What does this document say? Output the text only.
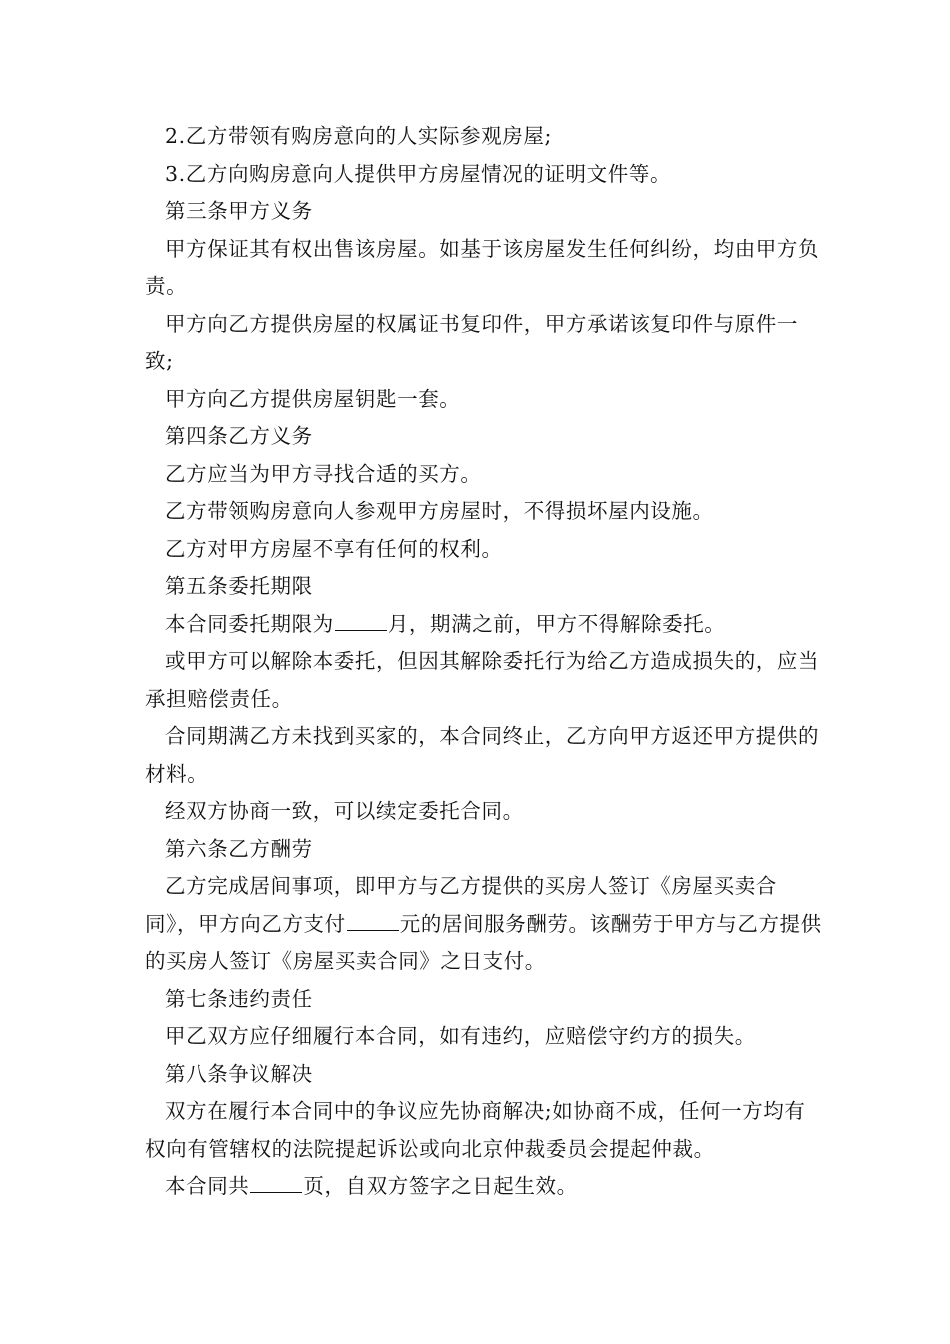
2.乙方带领有购房意向的人实际参观房屋;

3.乙方向购房意向人提供甲方房屋情况的证明文件等。

第三条甲方义务

甲方保证其有权出售该房屋。如基于该房屋发生任何纠纷，均由甲方负责。

甲方向乙方提供房屋的权属证书复印件，甲方承诺该复印件与原件一致;

甲方向乙方提供房屋钥匙一套。

第四条乙方义务

乙方应当为甲方寻找合适的买方。

乙方带领购房意向人参观甲方房屋时，不得损坏屋内设施。

乙方对甲方房屋不享有任何的权利。

第五条委托期限

本合同委托期限为	月，期满之前，甲方不得解除委托。

或甲方可以解除本委托，但因其解除委托行为给乙方造成损失的，应当承担赔偿责任。

合同期满乙方未找到买家的，本合同终止，乙方向甲方返还甲方提供的材料。

经双方协商一致，可以续定委托合同。

第六条乙方酬劳

乙方完成居间事项，即甲方与乙方提供的买房人签订《房屋买卖合同》，甲方向乙方支付	元的居间服务酬劳。该酬劳于甲方与乙方提供的买房人签订《房屋买卖合同》之日支付。

第七条违约责任

甲乙双方应仔细履行本合同，如有违约，应赔偿守约方的损失。

第八条争议解决

双方在履行本合同中的争议应先协商解决;如协商不成，任何一方均有权向有管辖权的法院提起诉讼或向北京仲裁委员会提起仲裁。

本合同共	页，自双方签字之日起生效。
